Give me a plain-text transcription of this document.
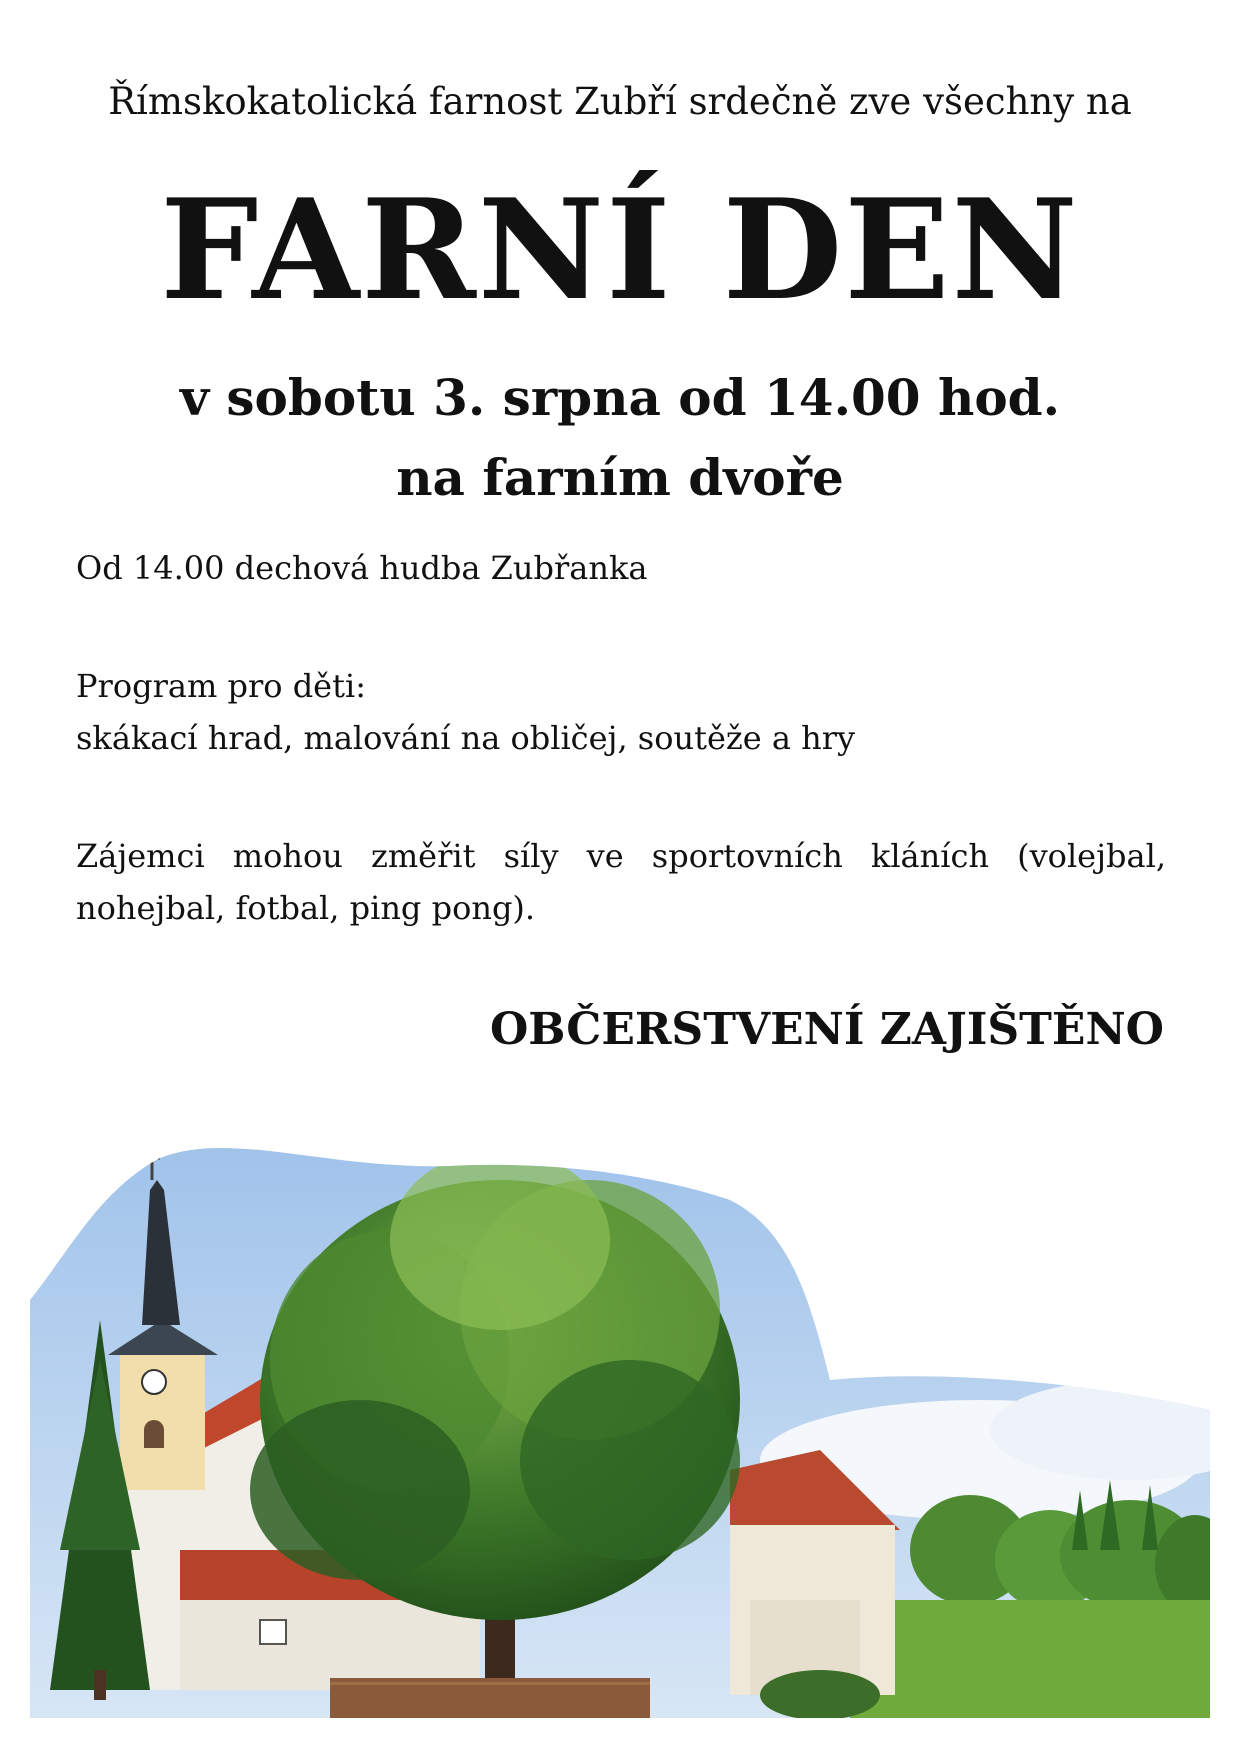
Římskokatolická farnost Zubří srdečně zve všechny na
FARNÍ DEN
v sobotu 3. srpna od 14.00 hod.
na farním dvoře
Od 14.00 dechová hudba Zubřanka
Program pro děti:
skákací hrad, malování na obličej, soutěže a hry
Zájemci mohou změřit síly ve sportovních kláních (volejbal,
nohejbal, fotbal, ping pong).
OBČERSTVENÍ ZAJIŠTĚNO
